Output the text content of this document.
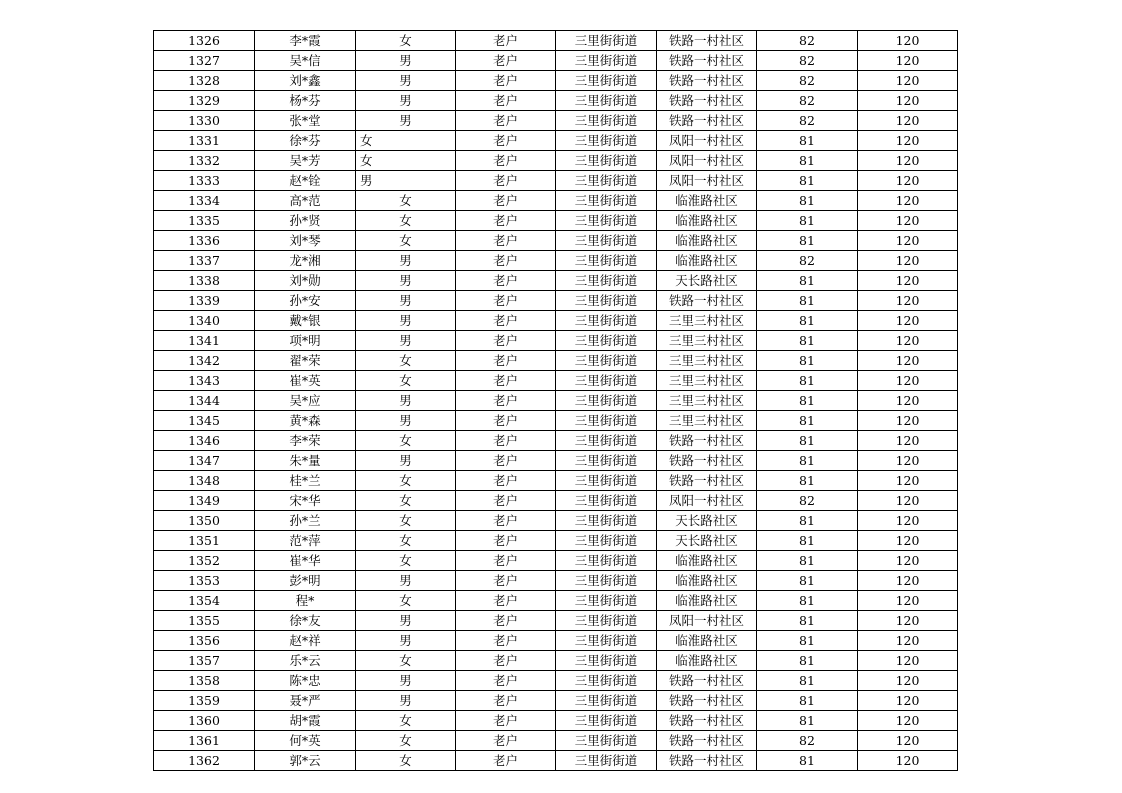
1326	李*霞	女	老户	三里街街道	铁路一村社区	82	120
1327	吴*信	男	老户	三里街街道	铁路一村社区	82	120
1328	刘*鑫	男	老户	三里街街道	铁路一村社区	82	120
1329	杨*芬	男	老户	三里街街道	铁路一村社区	82	120
1330	张*堂	男	老户	三里街街道	铁路一村社区	82	120
1331	徐*芬	女	老户	三里街街道	凤阳一村社区	81	120
1332	吴*芳	女	老户	三里街街道	凤阳一村社区	81	120
1333	赵*铨	男	老户	三里街街道	凤阳一村社区	81	120
1334	高*范	女	老户	三里街街道	临淮路社区	81	120
1335	孙*贤	女	老户	三里街街道	临淮路社区	81	120
1336	刘*琴	女	老户	三里街街道	临淮路社区	81	120
1337	龙*湘	男	老户	三里街街道	临淮路社区	82	120
1338	刘*勋	男	老户	三里街街道	天长路社区	81	120
1339	孙*安	男	老户	三里街街道	铁路一村社区	81	120
1340	戴*银	男	老户	三里街街道	三里三村社区	81	120
1341	项*明	男	老户	三里街街道	三里三村社区	81	120
1342	翟*荣	女	老户	三里街街道	三里三村社区	81	120
1343	崔*英	女	老户	三里街街道	三里三村社区	81	120
1344	吴*应	男	老户	三里街街道	三里三村社区	81	120
1345	黄*森	男	老户	三里街街道	三里三村社区	81	120
1346	李*荣	女	老户	三里街街道	铁路一村社区	81	120
1347	朱*量	男	老户	三里街街道	铁路一村社区	81	120
1348	桂*兰	女	老户	三里街街道	铁路一村社区	81	120
1349	宋*华	女	老户	三里街街道	凤阳一村社区	82	120
1350	孙*兰	女	老户	三里街街道	天长路社区	81	120
1351	范*萍	女	老户	三里街街道	天长路社区	81	120
1352	崔*华	女	老户	三里街街道	临淮路社区	81	120
1353	彭*明	男	老户	三里街街道	临淮路社区	81	120
1354	程*	女	老户	三里街街道	临淮路社区	81	120
1355	徐*友	男	老户	三里街街道	凤阳一村社区	81	120
1356	赵*祥	男	老户	三里街街道	临淮路社区	81	120
1357	乐*云	女	老户	三里街街道	临淮路社区	81	120
1358	陈*忠	男	老户	三里街街道	铁路一村社区	81	120
1359	聂*严	男	老户	三里街街道	铁路一村社区	81	120
1360	胡*霞	女	老户	三里街街道	铁路一村社区	81	120
1361	何*英	女	老户	三里街街道	铁路一村社区	82	120
1362	郭*云	女	老户	三里街街道	铁路一村社区	81	120
